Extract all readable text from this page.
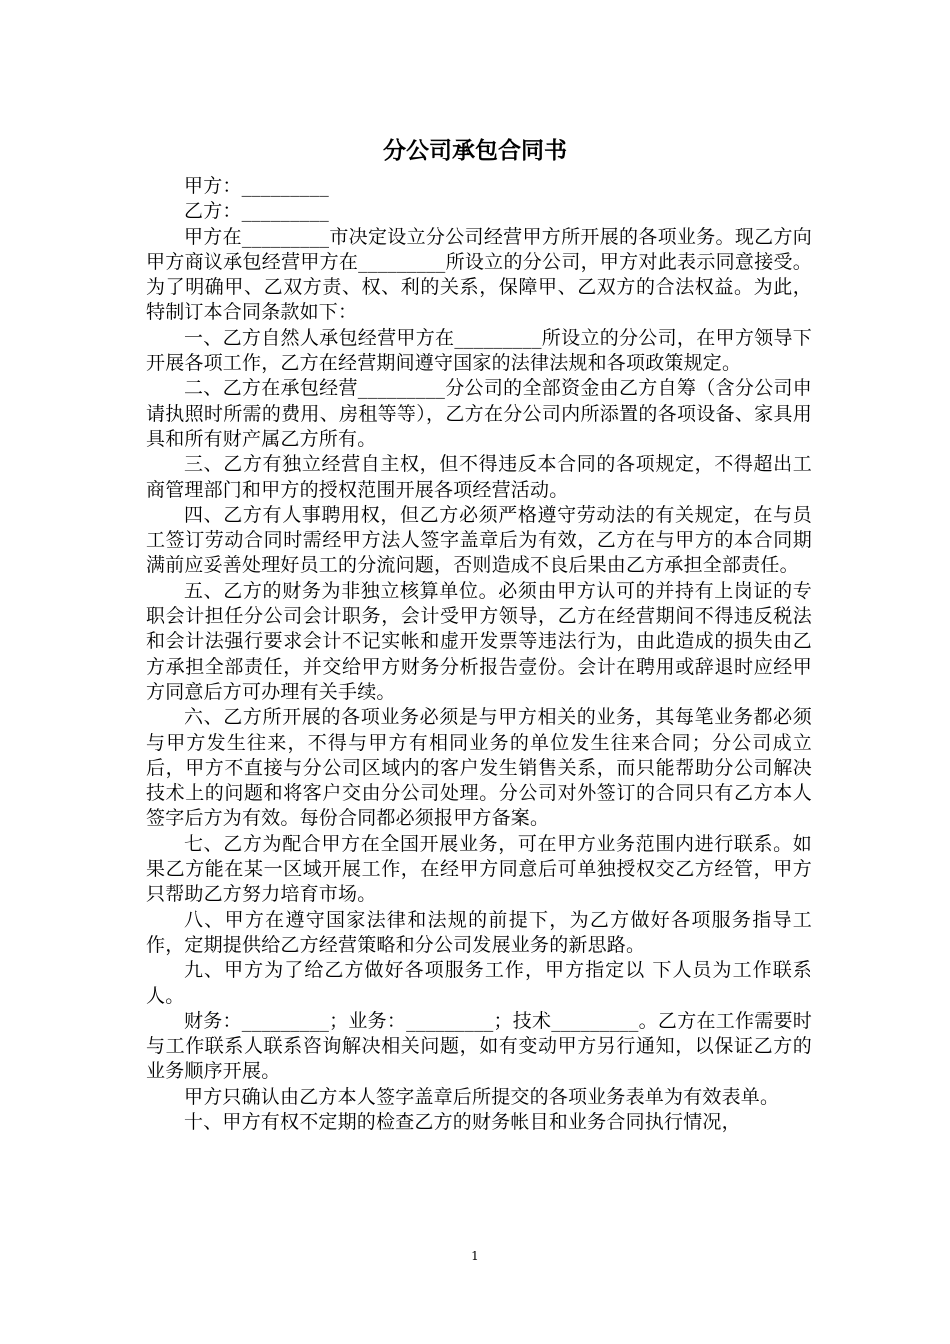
分公司承包合同书

甲方：_________

乙方：_________

甲方在_________市决定设立分公司经营甲方所开展的各项业务。现乙方向甲方商议承包经营甲方在_________所设立的分公司，甲方对此表示同意接受。为了明确甲、乙双方责、权、利的关系，保障甲、乙双方的合法权益。为此，特制订本合同条款如下：

一、乙方自然人承包经营甲方在_________所设立的分公司，在甲方领导下开展各项工作，乙方在经营期间遵守国家的法律法规和各项政策规定。

二、乙方在承包经营_________分公司的全部资金由乙方自筹（含分公司申请执照时所需的费用、房租等等），乙方在分公司内所添置的各项设备、家具用具和所有财产属乙方所有。

三、乙方有独立经营自主权，但不得违反本合同的各项规定，不得超出工商管理部门和甲方的授权范围开展各项经营活动。

四、乙方有人事聘用权，但乙方必须严格遵守劳动法的有关规定，在与员工签订劳动合同时需经甲方法人签字盖章后为有效，乙方在与甲方的本合同期满前应妥善处理好员工的分流问题，否则造成不良后果由乙方承担全部责任。

五、乙方的财务为非独立核算单位。必须由甲方认可的并持有上岗证的专职会计担任分公司会计职务，会计受甲方领导，乙方在经营期间不得违反税法和会计法强行要求会计不记实帐和虚开发票等违法行为，由此造成的损失由乙方承担全部责任，并交给甲方财务分析报告壹份。会计在聘用或辞退时应经甲方同意后方可办理有关手续。

六、乙方所开展的各项业务必须是与甲方相关的业务，其每笔业务都必须与甲方发生往来，不得与甲方有相同业务的单位发生往来合同；分公司成立后，甲方不直接与分公司区域内的客户发生销售关系，而只能帮助分公司解决技术上的问题和将客户交由分公司处理。分公司对外签订的合同只有乙方本人签字后方为有效。每份合同都必须报甲方备案。

七、乙方为配合甲方在全国开展业务，可在甲方业务范围内进行联系。如果乙方能在某一区域开展工作，在经甲方同意后可单独授权交乙方经管，甲方只帮助乙方努力培育市场。

八、甲方在遵守国家法律和法规的前提下，为乙方做好各项服务指导工作，定期提供给乙方经营策略和分公司发展业务的新思路。

九、甲方为了给乙方做好各项服务工作，甲方指定以 下人员为工作联系人。

财务：_________；业务：_________；技术_________。乙方在工作需要时与工作联系人联系咨询解决相关问题，如有变动甲方另行通知，以保证乙方的业务顺序开展。

甲方只确认由乙方本人签字盖章后所提交的各项业务表单为有效表单。

十、甲方有权不定期的检查乙方的财务帐目和业务合同执行情况，

1
